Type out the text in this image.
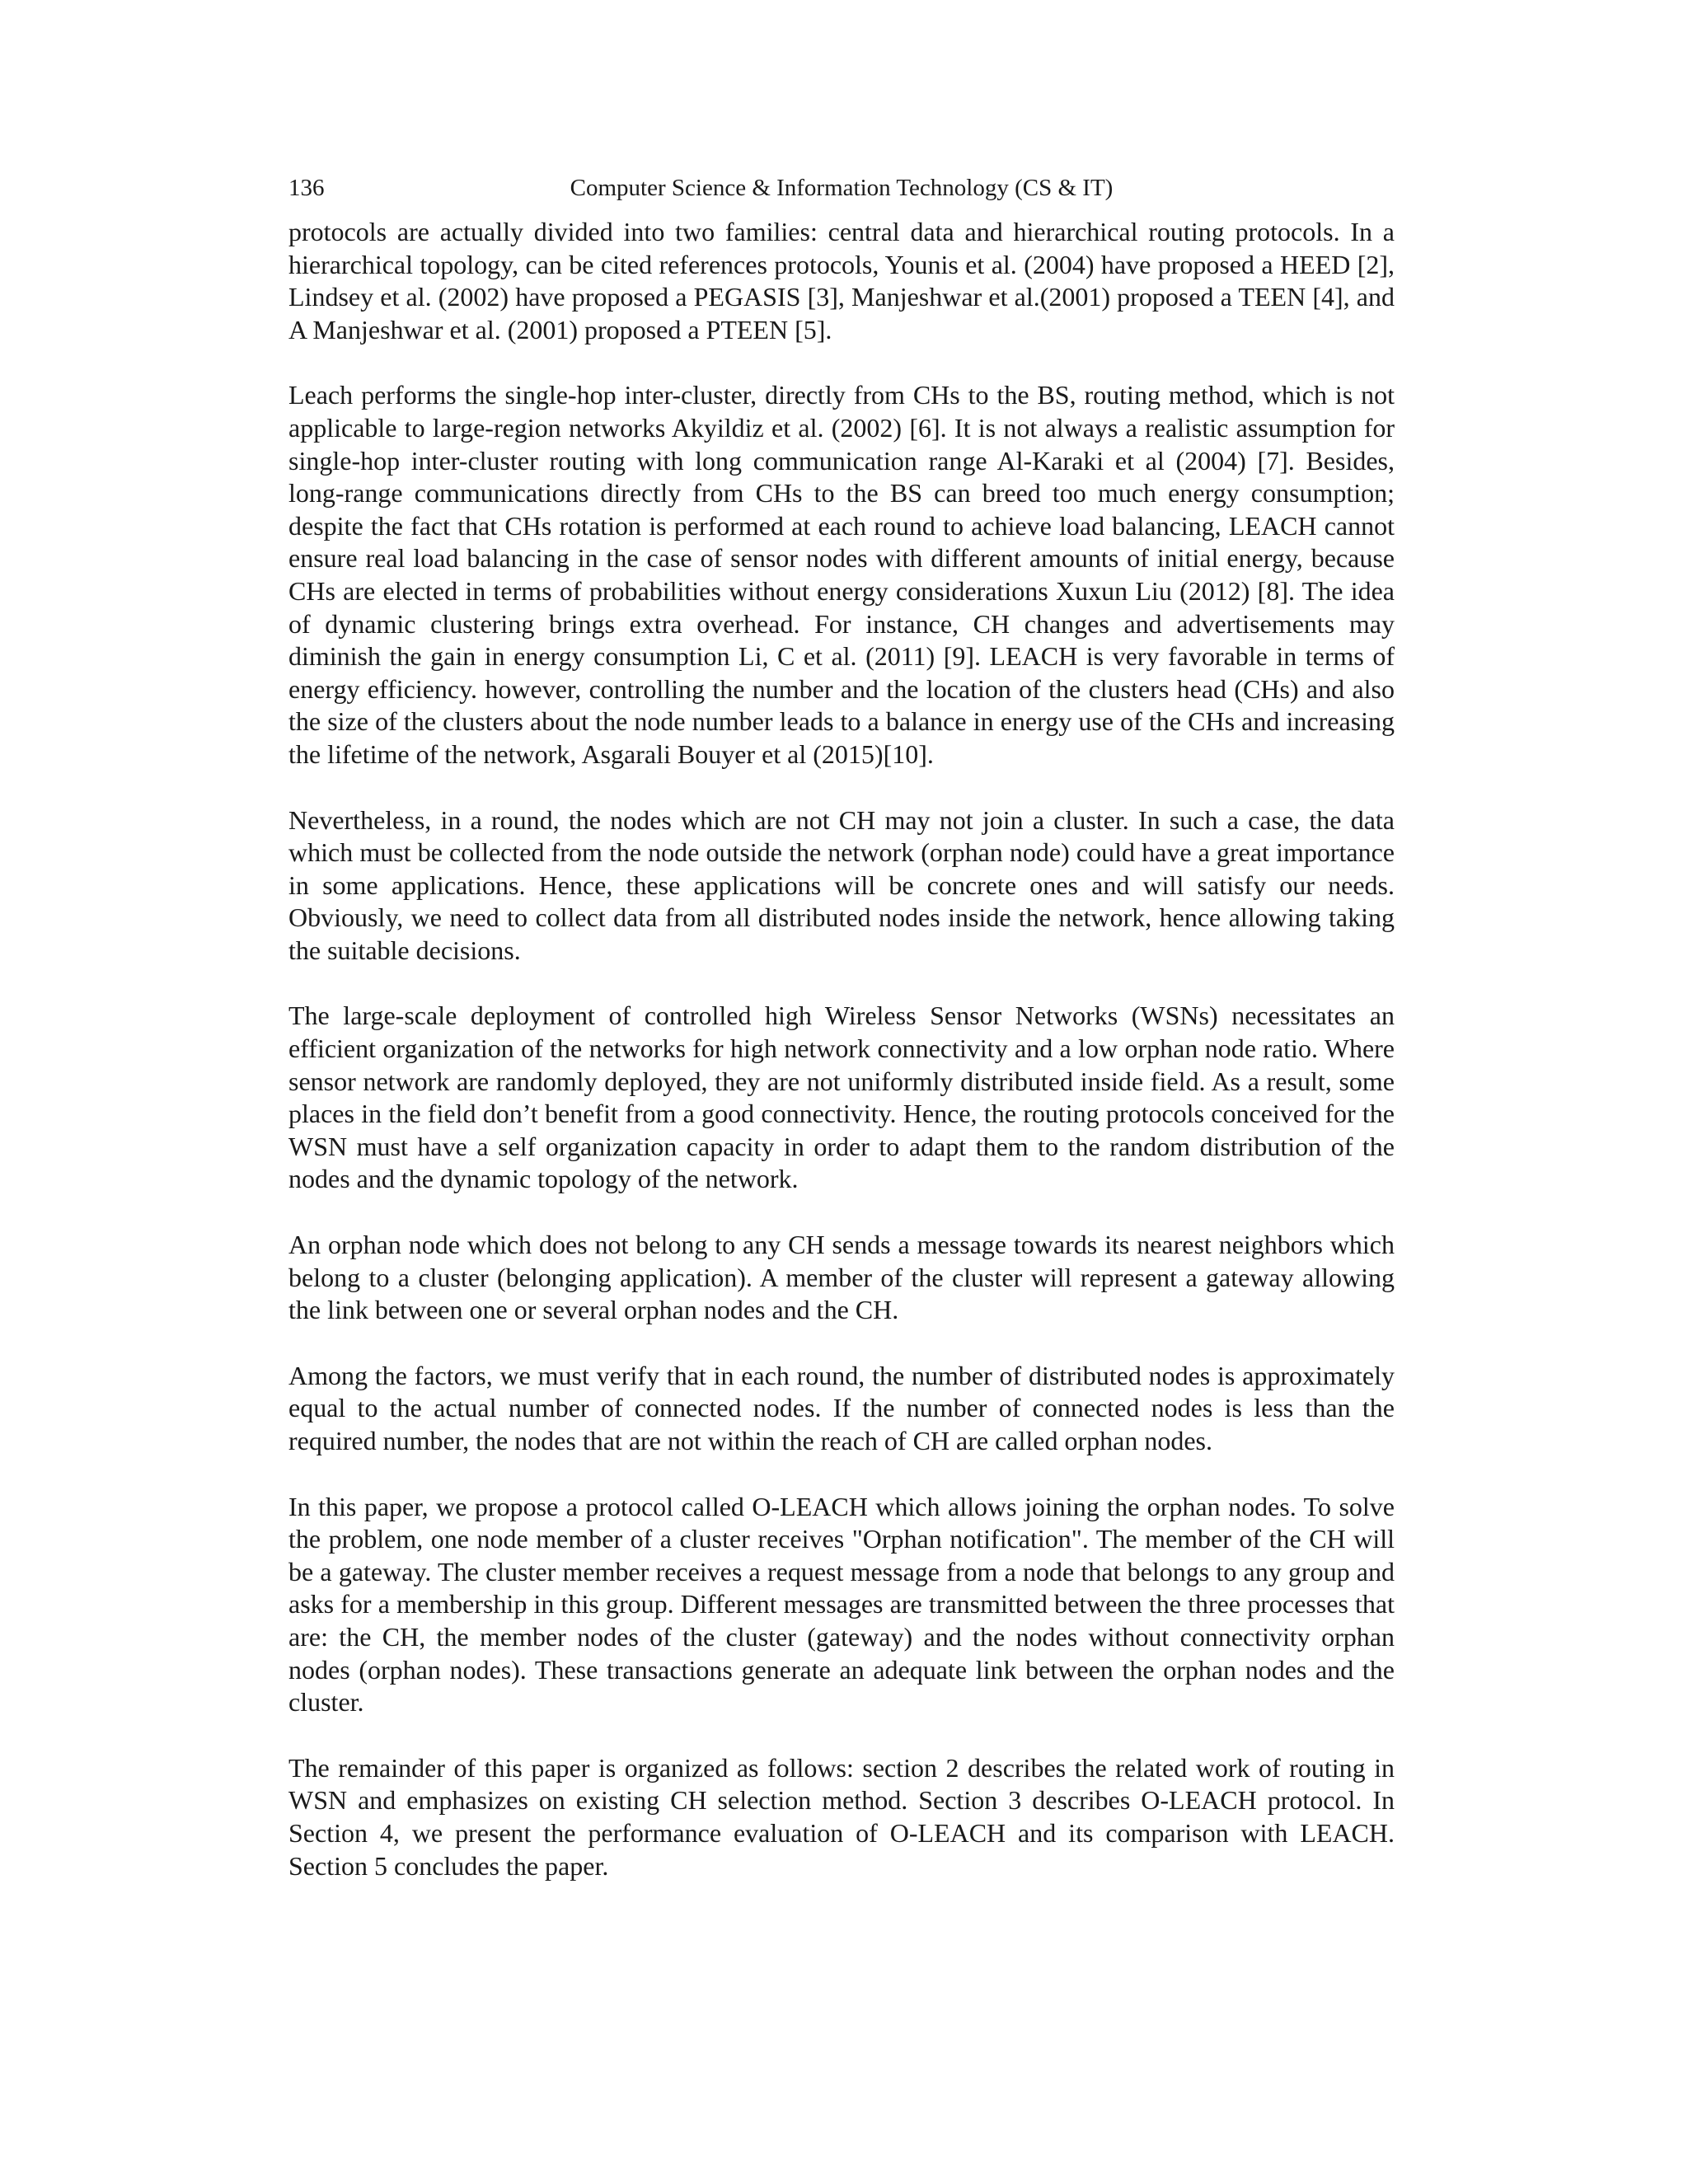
136	Computer Science & Information Technology (CS & IT)

protocols are actually divided into two families: central data and hierarchical routing protocols. In a hierarchical topology, can be cited references protocols, Younis et al. (2004) have proposed a HEED [2], Lindsey et al. (2002) have proposed a PEGASIS [3], Manjeshwar et al.(2001) proposed a TEEN [4], and A Manjeshwar et al. (2001) proposed a PTEEN [5].

Leach performs the single-hop inter-cluster, directly from CHs to the BS, routing method, which is not applicable to large-region networks Akyildiz et al. (2002) [6]. It is not always a realistic assumption for single-hop inter-cluster routing with long communication range Al-Karaki et al (2004) [7]. Besides, long-range communications directly from CHs to the BS can breed too much energy consumption; despite the fact that CHs rotation is performed at each round to achieve load balancing, LEACH cannot ensure real load balancing in the case of sensor nodes with different amounts of initial energy, because CHs are elected in terms of probabilities without energy considerations Xuxun Liu (2012) [8]. The idea of dynamic clustering brings extra overhead. For instance, CH changes and advertisements may diminish the gain in energy consumption Li, C et al. (2011) [9]. LEACH is very favorable in terms of energy efficiency. however, controlling the number and the location of the clusters head (CHs) and also the size of the clusters about the node number leads to a balance in energy use of the CHs and increasing the lifetime of the network, Asgarali Bouyer et al (2015)[10].

Nevertheless, in a round, the nodes which are not CH may not join a cluster. In such a case, the data which must be collected from the node outside the network (orphan node) could have a great importance in some applications. Hence, these applications will be concrete ones and will satisfy our needs. Obviously, we need to collect data from all distributed nodes inside the network, hence allowing taking the suitable decisions.

The large-scale deployment of controlled high Wireless Sensor Networks (WSNs) necessitates an efficient organization of the networks for high network connectivity and a low orphan node ratio. Where sensor network are randomly deployed, they are not uniformly distributed inside field. As a result, some places in the field don’t benefit from a good connectivity. Hence, the routing protocols conceived for the WSN must have a self organization capacity in order to adapt them to the random distribution of the nodes and the dynamic topology of the network.

An orphan node which does not belong to any CH sends a message towards its nearest neighbors which belong to a cluster (belonging application). A member of the cluster will represent a gateway allowing the link between one or several orphan nodes and the CH.

Among the factors, we must verify that in each round, the number of distributed nodes is approximately equal to the actual number of connected nodes. If the number of connected nodes is less than the required number, the nodes that are not within the reach of CH are called orphan nodes.

In this paper, we propose a protocol called O-LEACH which allows joining the orphan nodes. To solve the problem, one node member of a cluster receives "Orphan notification". The member of the CH will be a gateway. The cluster member receives a request message from a node that belongs to any group and asks for a membership in this group. Different messages are transmitted between the three processes that are: the CH, the member nodes of the cluster (gateway) and the nodes without connectivity orphan nodes (orphan nodes). These transactions generate an adequate link between the orphan nodes and the cluster.

The remainder of this paper is organized as follows: section 2 describes the related work of routing in WSN and emphasizes on existing CH selection method. Section 3 describes O-LEACH protocol. In Section 4, we present the performance evaluation of O-LEACH and its comparison with LEACH. Section 5 concludes the paper.
